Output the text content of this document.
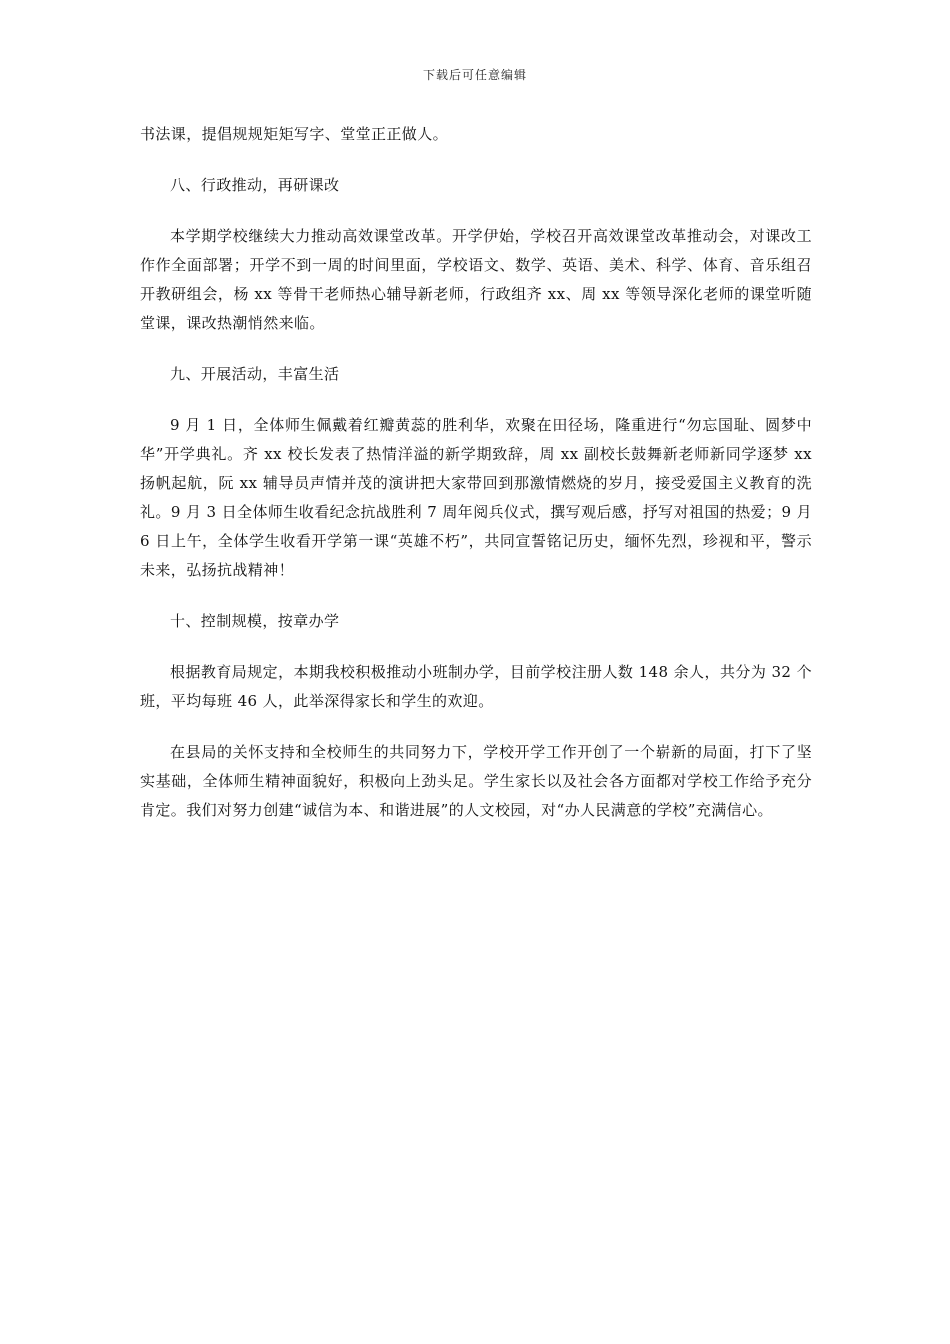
下载后可任意编辑

书法课，提倡规规矩矩写字、堂堂正正做人。

八、行政推动，再研课改

本学期学校继续大力推动高效课堂改革。开学伊始，学校召开高效课堂改革推动会，对课改工作作全面部署；开学不到一周的时间里面，学校语文、数学、英语、美术、科学、体育、音乐组召开教研组会，杨 xx 等骨干老师热心辅导新老师，行政组齐 xx、周 xx 等领导深化老师的课堂听随堂课，课改热潮悄然来临。

九、开展活动，丰富生活

9 月 1 日，全体师生佩戴着红瓣黄蕊的胜利华，欢聚在田径场，隆重进行“勿忘国耻、圆梦中华”开学典礼。齐 xx 校长发表了热情洋溢的新学期致辞，周 xx 副校长鼓舞新老师新同学逐梦 xx 扬帆起航，阮 xx 辅导员声情并茂的演讲把大家带回到那激情燃烧的岁月，接受爱国主义教育的洗礼。9 月 3 日全体师生收看纪念抗战胜利 7 周年阅兵仪式，撰写观后感，抒写对祖国的热爱；9 月 6 日上午，全体学生收看开学第一课“英雄不朽”，共同宣誓铭记历史，缅怀先烈，珍视和平，警示未来，弘扬抗战精神！

十、控制规模，按章办学

根据教育局规定，本期我校积极推动小班制办学，目前学校注册人数 148 余人，共分为 32 个班，平均每班 46 人，此举深得家长和学生的欢迎。

在县局的关怀支持和全校师生的共同努力下，学校开学工作开创了一个崭新的局面，打下了坚实基础，全体师生精神面貌好，积极向上劲头足。学生家长以及社会各方面都对学校工作给予充分肯定。我们对努力创建“诚信为本、和谐进展”的人文校园，对“办人民满意的学校”充满信心。
